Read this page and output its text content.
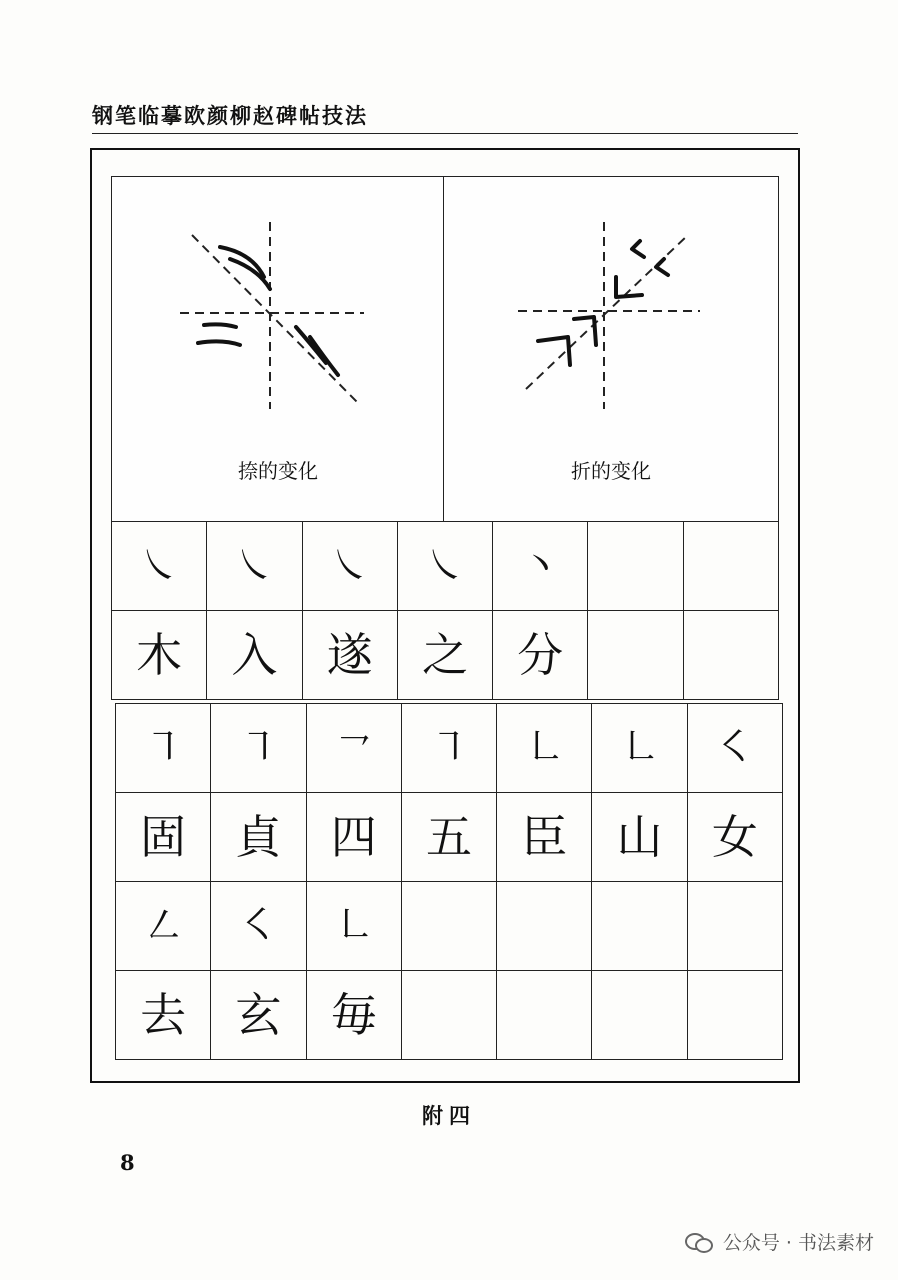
钢笔临摹欧颜柳赵碑帖技法
捺的变化	折的变化
㇏	㇏	㇏	㇏	丶		
木	入	遂	之	分		
㇕	㇕	㇖	㇕	㇗	㇗	㇛
固	貞	四	五	臣	山	女
㇜	㇛	㇗				
去	玄	毎				
附四
8
公众号 · 书法素材
